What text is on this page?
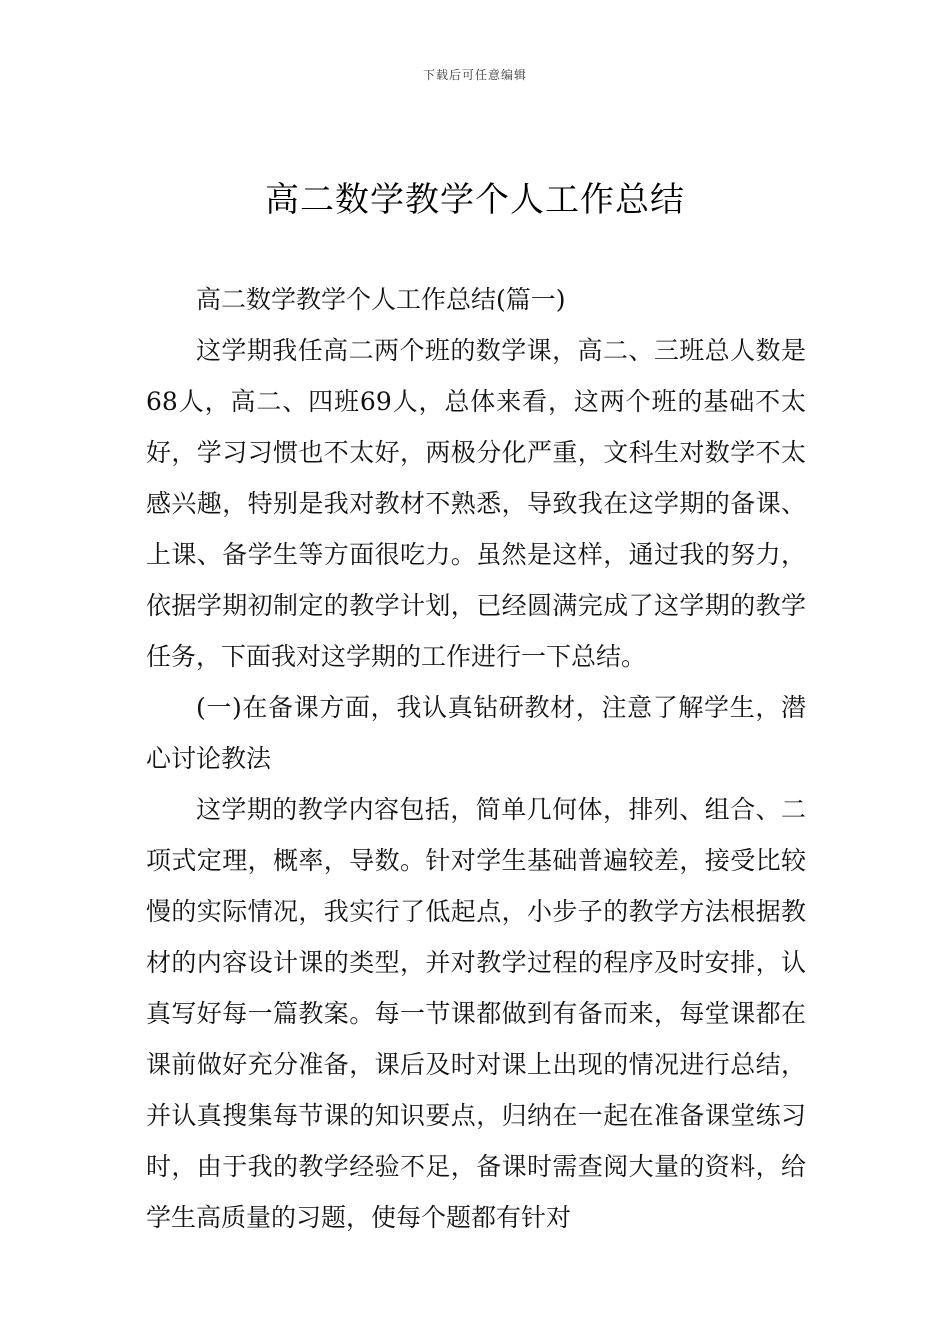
下载后可任意编辑
高二数学教学个人工作总结

高二数学教学个人工作总结(篇一)

这学期我任高二两个班的数学课，高二、三班总人数是68人，高二、四班69人，总体来看，这两个班的基础不太好，学习习惯也不太好，两极分化严重，文科生对数学不太感兴趣，特别是我对教材不熟悉，导致我在这学期的备课、上课、备学生等方面很吃力。虽然是这样，通过我的努力，依据学期初制定的教学计划，已经圆满完成了这学期的教学任务，下面我对这学期的工作进行一下总结。

(一)在备课方面，我认真钻研教材，注意了解学生，潜心讨论教法

这学期的教学内容包括，简单几何体，排列、组合、二项式定理，概率，导数。针对学生基础普遍较差，接受比较慢的实际情况，我实行了低起点，小步子的教学方法根据教材的内容设计课的类型，并对教学过程的程序及时安排，认真写好每一篇教案。每一节课都做到有备而来，每堂课都在课前做好充分准备，课后及时对课上出现的情况进行总结，并认真搜集每节课的知识要点，归纳在一起在准备课堂练习时，由于我的教学经验不足，备课时需查阅大量的资料，给学生高质量的习题，使每个题都有针对
